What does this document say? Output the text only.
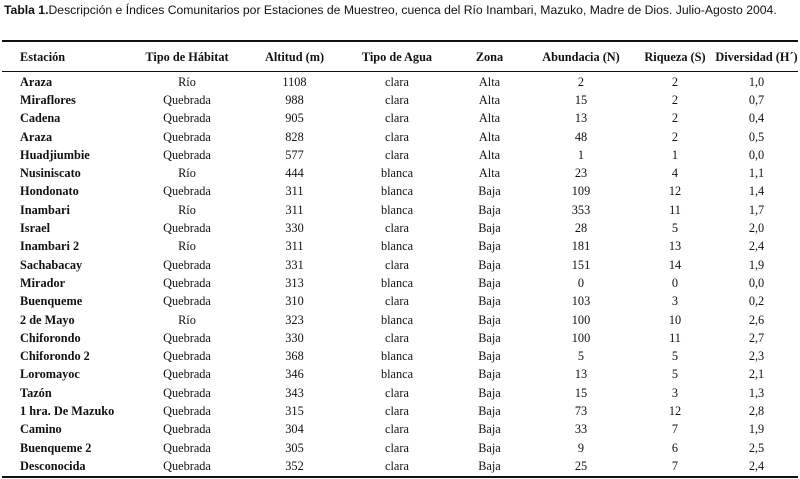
Tabla 1.Descripción e Índices Comunitarios por Estaciones de Muestreo, cuenca del Río Inambari, Mazuko, Madre de Dios. Julio-Agosto 2004.
Estación	Tipo de Hábitat	Altitud (m)	Tipo de Agua	Zona	Abundacia (N)	Riqueza (S)	Diversidad (H´)
Araza	Río	1108	clara	Alta	2	2	1,0
Miraflores	Quebrada	988	clara	Alta	15	2	0,7
Cadena	Quebrada	905	clara	Alta	13	2	0,4
Araza	Quebrada	828	clara	Alta	48	2	0,5
Huadjiumbie	Quebrada	577	clara	Alta	1	1	0,0
Nusiniscato	Río	444	blanca	Alta	23	4	1,1
Hondonato	Quebrada	311	blanca	Baja	109	12	1,4
Inambari	Río	311	blanca	Baja	353	11	1,7
Israel	Quebrada	330	clara	Baja	28	5	2,0
Inambari 2	Río	311	blanca	Baja	181	13	2,4
Sachabacay	Quebrada	331	clara	Baja	151	14	1,9
Mirador	Quebrada	313	blanca	Baja	0	0	0,0
Buenqueme	Quebrada	310	clara	Baja	103	3	0,2
2 de Mayo	Río	323	blanca	Baja	100	10	2,6
Chiforondo	Quebrada	330	clara	Baja	100	11	2,7
Chiforondo 2	Quebrada	368	blanca	Baja	5	5	2,3
Loromayoc	Quebrada	346	blanca	Baja	13	5	2,1
Tazón	Quebrada	343	clara	Baja	15	3	1,3
1 hra. De Mazuko	Quebrada	315	clara	Baja	73	12	2,8
Camino	Quebrada	304	clara	Baja	33	7	1,9
Buenqueme 2	Quebrada	305	clara	Baja	9	6	2,5
Desconocida	Quebrada	352	clara	Baja	25	7	2,4
